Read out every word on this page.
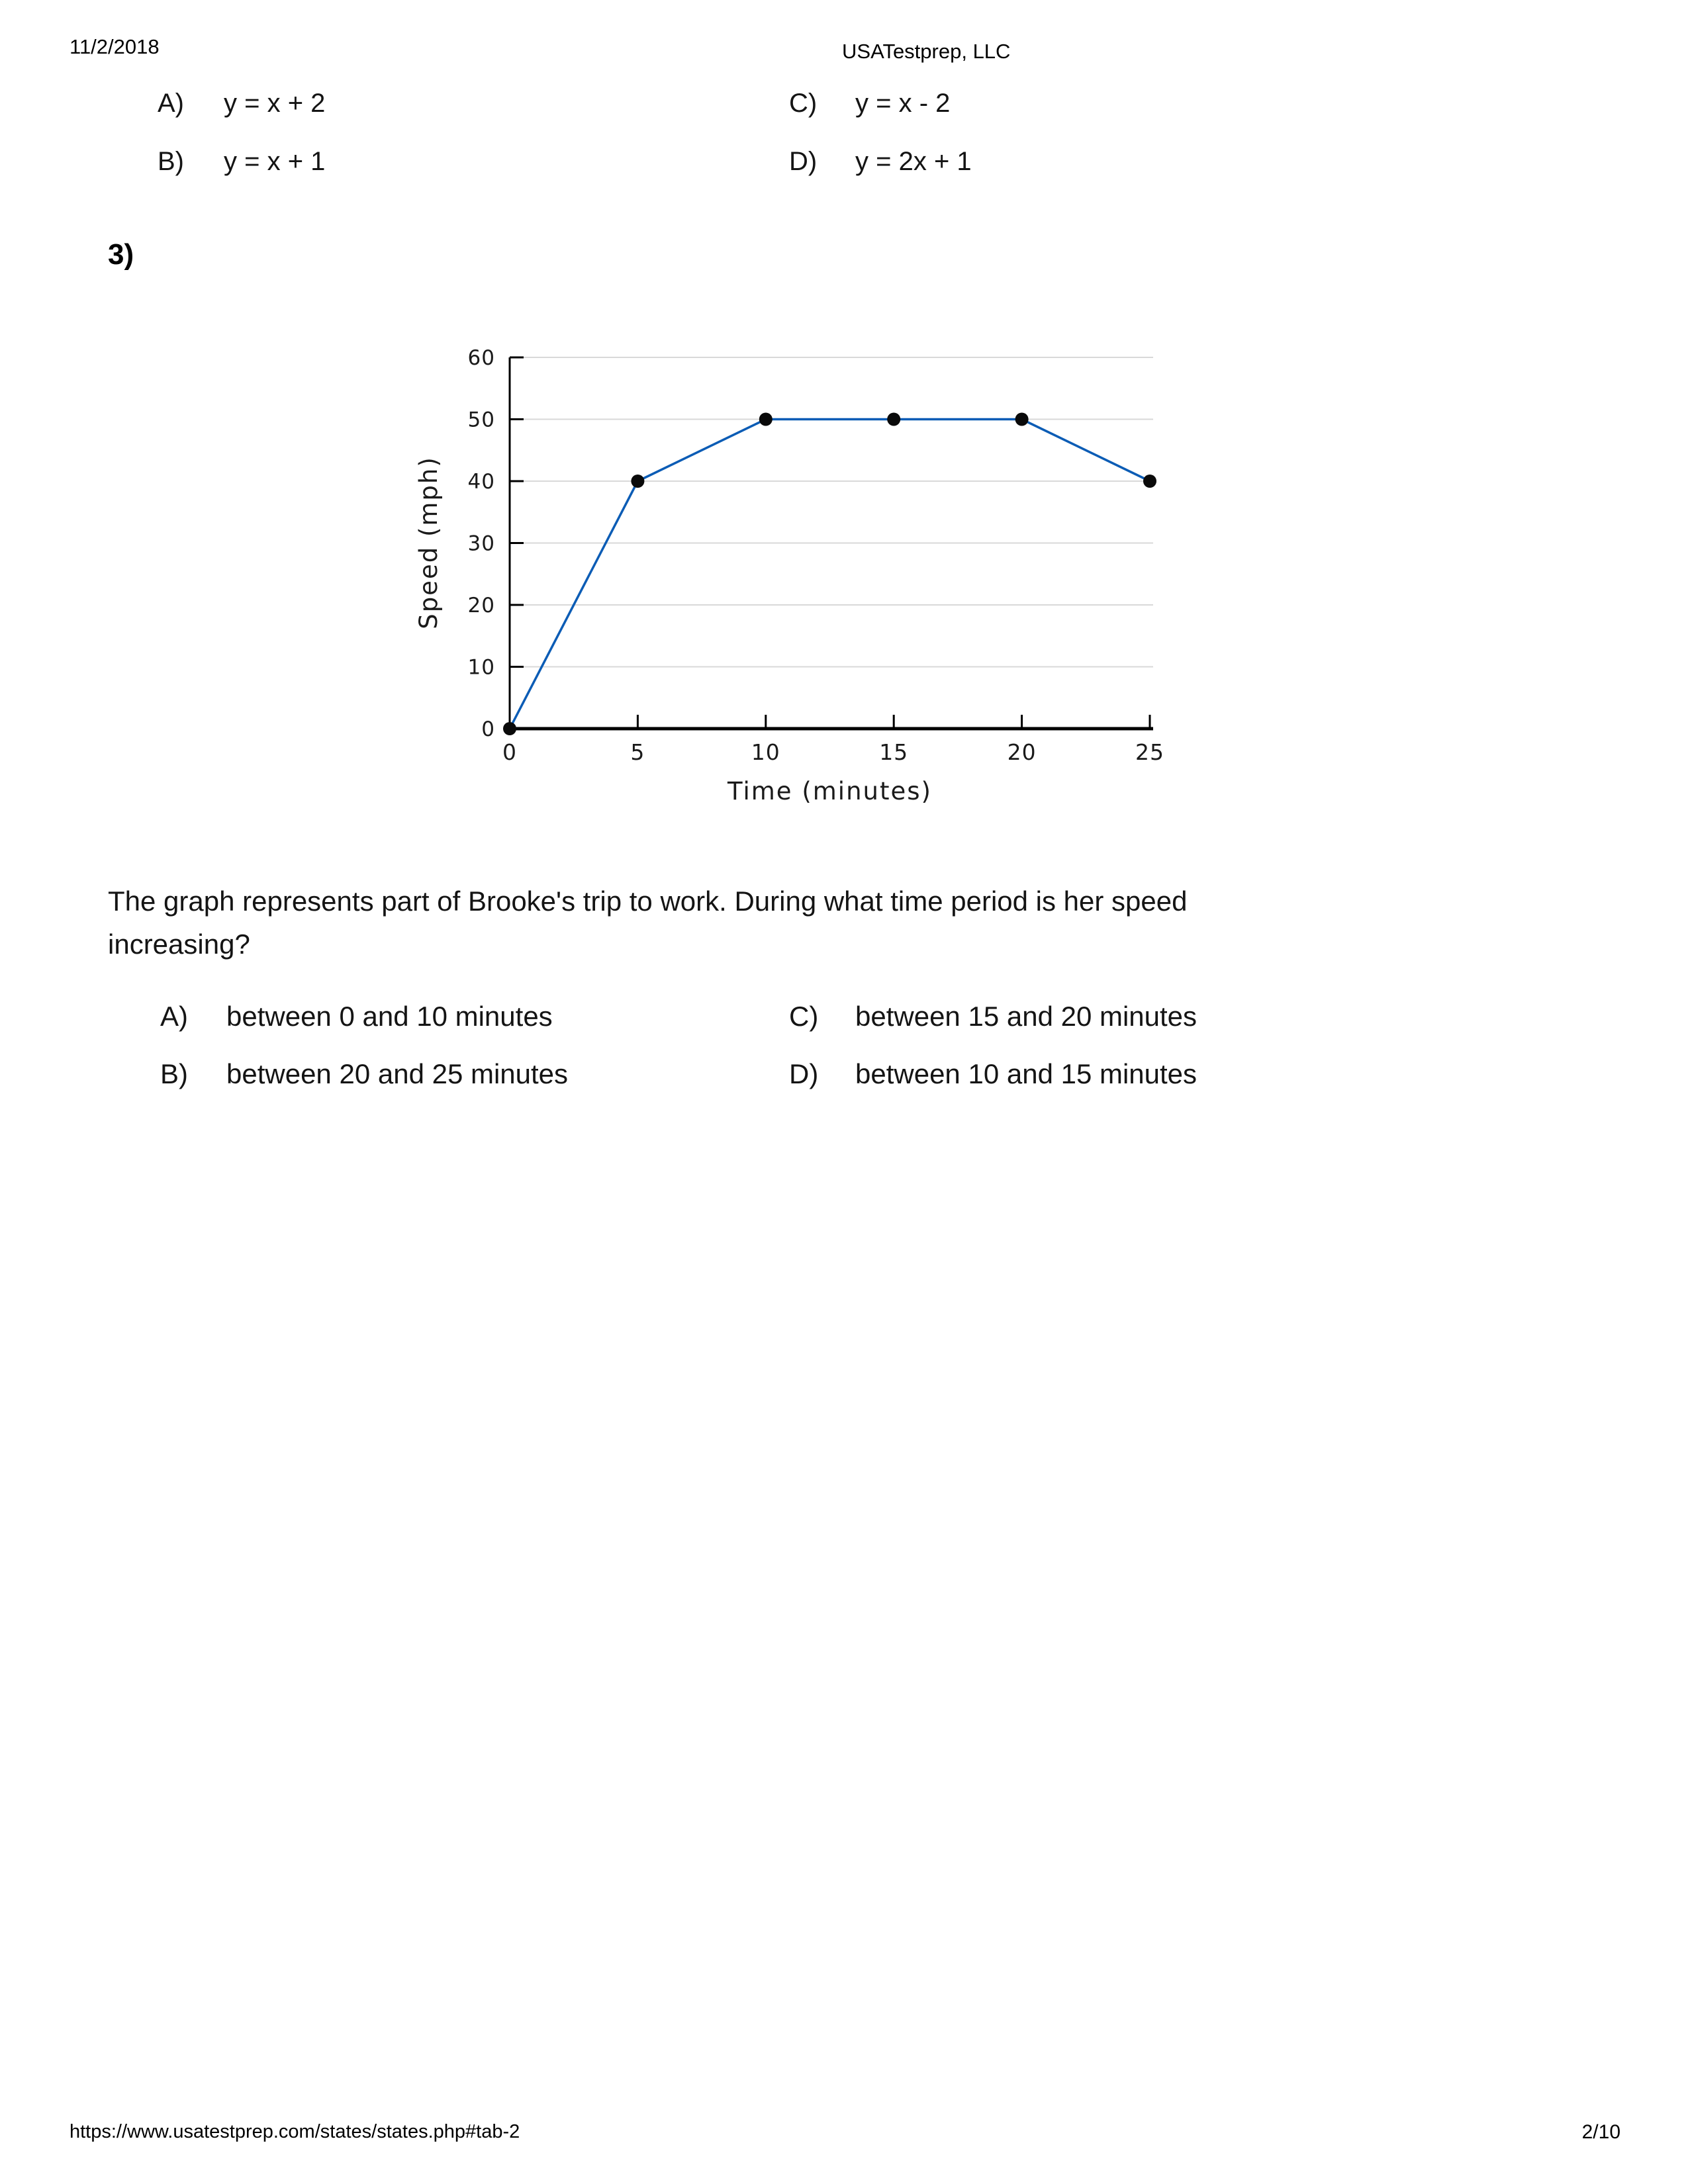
11/2/2018	USATestprep, LLC
A) y = x + 2
B) y = x + 1
C) y = x - 2
D) y = 2x + 1
3)
0
10
20
30
40
50
60
0	5	10	15	20	25
Time (minutes)
Speed (mph)
The graph represents part of Brooke's trip to work. During what time period is her speed
increasing?
A) between 0 and 10 minutes
B) between 20 and 25 minutes
C) between 15 and 20 minutes
D) between 10 and 15 minutes
https://www.usatestprep.com/states/states.php#tab-2	2/10
